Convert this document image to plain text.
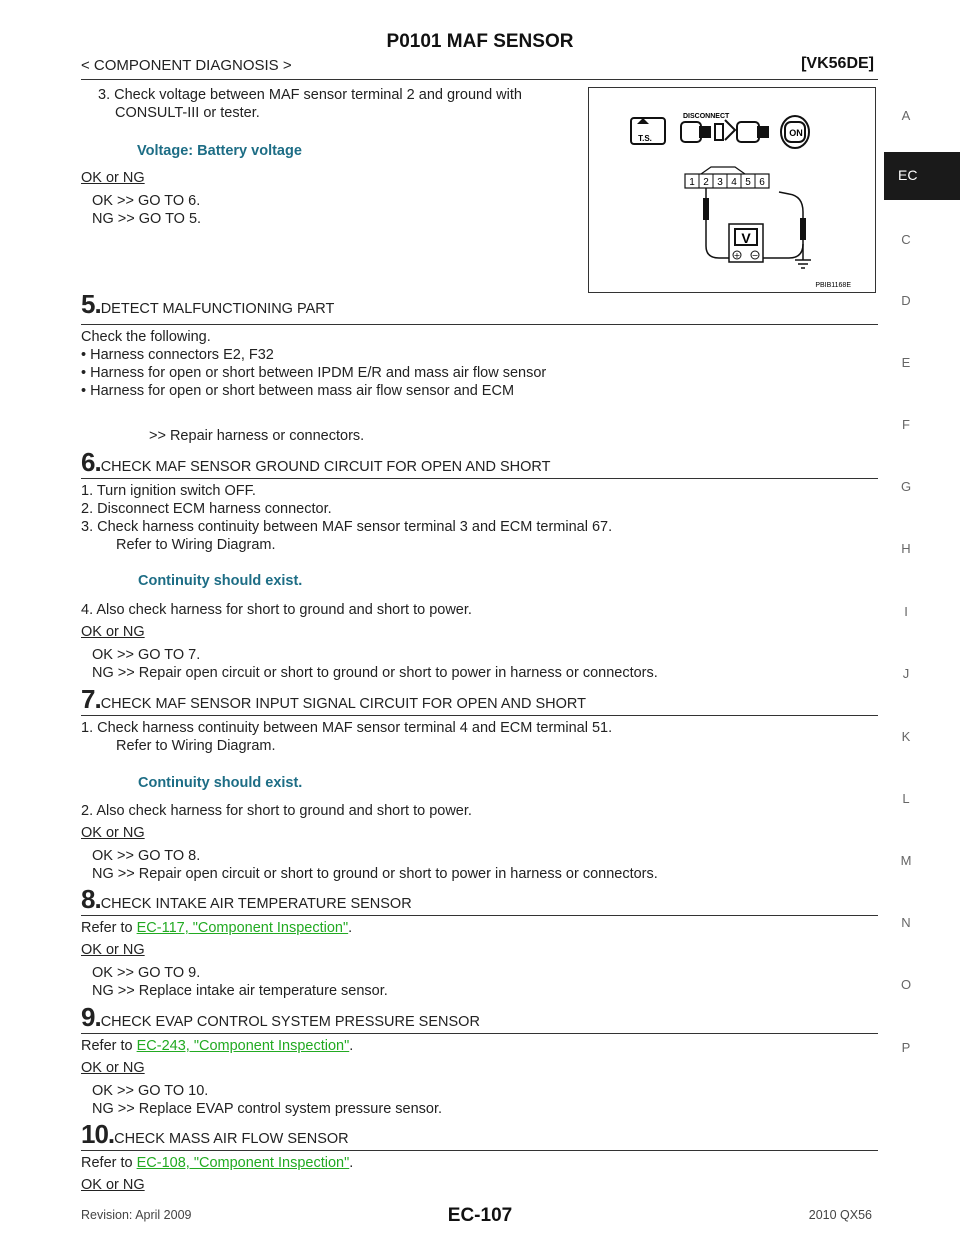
P0101 MAF SENSOR
< COMPONENT DIAGNOSIS >	[VK56DE]
A
EC
C
D
E
F
G
H
I
J
K
L
M
N
O
P
T.S.
DISCONNECT
ON
1 2 3 4 5 6
V
+ −
PBIB1168E
3. Check voltage between MAF sensor terminal 2 and ground with
CONSULT-III or tester.
Voltage: Battery voltage
OK or NG
OK >> GO TO 6.
NG >> GO TO 5.
5.DETECT MALFUNCTIONING PART
Check the following.
• Harness connectors E2, F32
• Harness for open or short between IPDM E/R and mass air flow sensor
• Harness for open or short between mass air flow sensor and ECM
>> Repair harness or connectors.
6.CHECK MAF SENSOR GROUND CIRCUIT FOR OPEN AND SHORT
1. Turn ignition switch OFF.
2. Disconnect ECM harness connector.
3. Check harness continuity between MAF sensor terminal 3 and ECM terminal 67.
Refer to Wiring Diagram.
Continuity should exist.
4. Also check harness for short to ground and short to power.
OK or NG
OK >> GO TO 7.
NG >> Repair open circuit or short to ground or short to power in harness or connectors.
7.CHECK MAF SENSOR INPUT SIGNAL CIRCUIT FOR OPEN AND SHORT
1. Check harness continuity between MAF sensor terminal 4 and ECM terminal 51.
Refer to Wiring Diagram.
Continuity should exist.
2. Also check harness for short to ground and short to power.
OK or NG
OK >> GO TO 8.
NG >> Repair open circuit or short to ground or short to power in harness or connectors.
8.CHECK INTAKE AIR TEMPERATURE SENSOR
Refer to EC-117, "Component Inspection".
OK or NG
OK >> GO TO 9.
NG >> Replace intake air temperature sensor.
9.CHECK EVAP CONTROL SYSTEM PRESSURE SENSOR
Refer to EC-243, "Component Inspection".
OK or NG
OK >> GO TO 10.
NG >> Replace EVAP control system pressure sensor.
10.CHECK MASS AIR FLOW SENSOR
Refer to EC-108, "Component Inspection".
OK or NG
Revision: April 2009	EC-107	2010 QX56
